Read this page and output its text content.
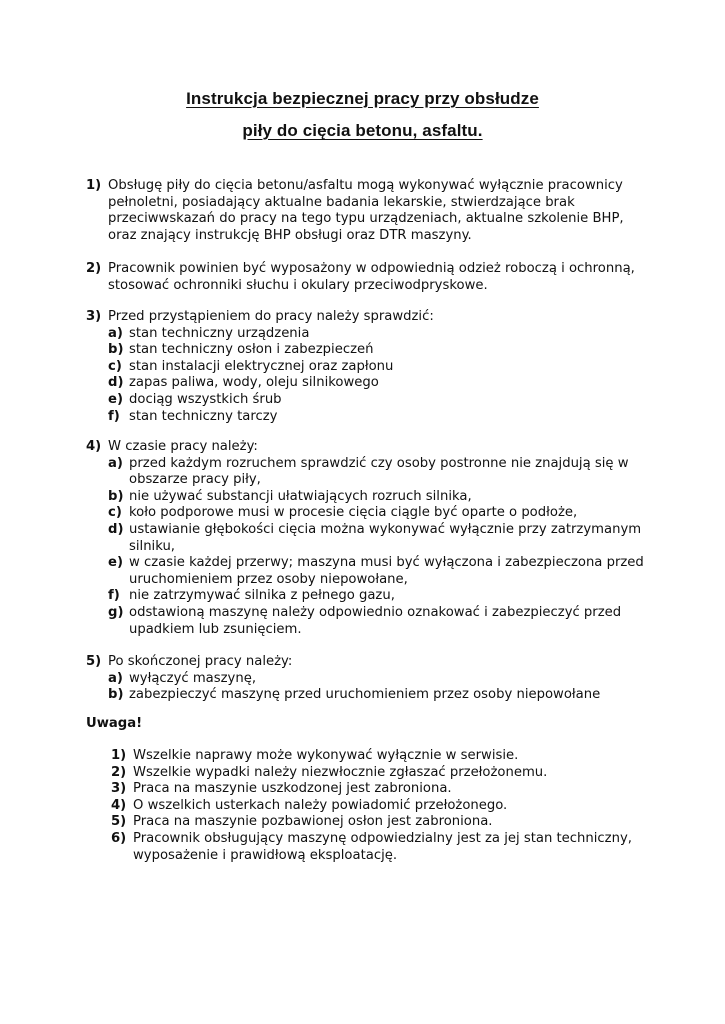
Instrukcja bezpiecznej pracy przy obsłudze
piły do cięcia betonu, asfaltu.
1) Obsługę piły do cięcia betonu/asfaltu mogą wykonywać wyłącznie pracownicy pełnoletni, posiadający aktualne badania lekarskie, stwierdzające brak przeciwwskazań do pracy na tego typu urządzeniach, aktualne szkolenie BHP, oraz znający instrukcję BHP obsługi oraz DTR maszyny.
2) Pracownik powinien być wyposażony w odpowiednią odzież roboczą i ochronną, stosować ochronniki słuchu i okulary przeciwodpryskowe.
3) Przed przystąpieniem do pracy należy sprawdzić:
a) stan techniczny urządzenia
b) stan techniczny osłon i zabezpieczeń
c) stan instalacji elektrycznej oraz zapłonu
d) zapas paliwa, wody, oleju silnikowego
e) dociąg wszystkich śrub
f) stan techniczny tarczy
4) W czasie pracy należy:
a) przed każdym rozruchem sprawdzić czy osoby postronne nie znajdują się w obszarze pracy piły,
b) nie używać substancji ułatwiających rozruch silnika,
c) koło podporowe musi w procesie cięcia ciągle być oparte o podłoże,
d) ustawianie głębokości cięcia można wykonywać wyłącznie przy zatrzymanym silniku,
e) w czasie każdej przerwy; maszyna musi być wyłączona i zabezpieczona przed uruchomieniem przez osoby niepowołane,
f) nie zatrzymywać silnika z pełnego gazu,
g) odstawioną maszynę należy odpowiednio oznakować i zabezpieczyć przed upadkiem lub zsunięciem.
5) Po skończonej pracy należy:
a) wyłączyć maszynę,
b) zabezpieczyć maszynę przed uruchomieniem przez osoby niepowołane
Uwaga!
1) Wszelkie naprawy może wykonywać wyłącznie w serwisie.
2) Wszelkie wypadki należy niezwłocznie zgłaszać przełożonemu.
3) Praca na maszynie uszkodzonej jest zabroniona.
4) O wszelkich usterkach należy powiadomić przełożonego.
5) Praca na maszynie pozbawionej osłon jest zabroniona.
6) Pracownik obsługujący maszynę odpowiedzialny jest za jej stan techniczny, wyposażenie i prawidłową eksploatację.
